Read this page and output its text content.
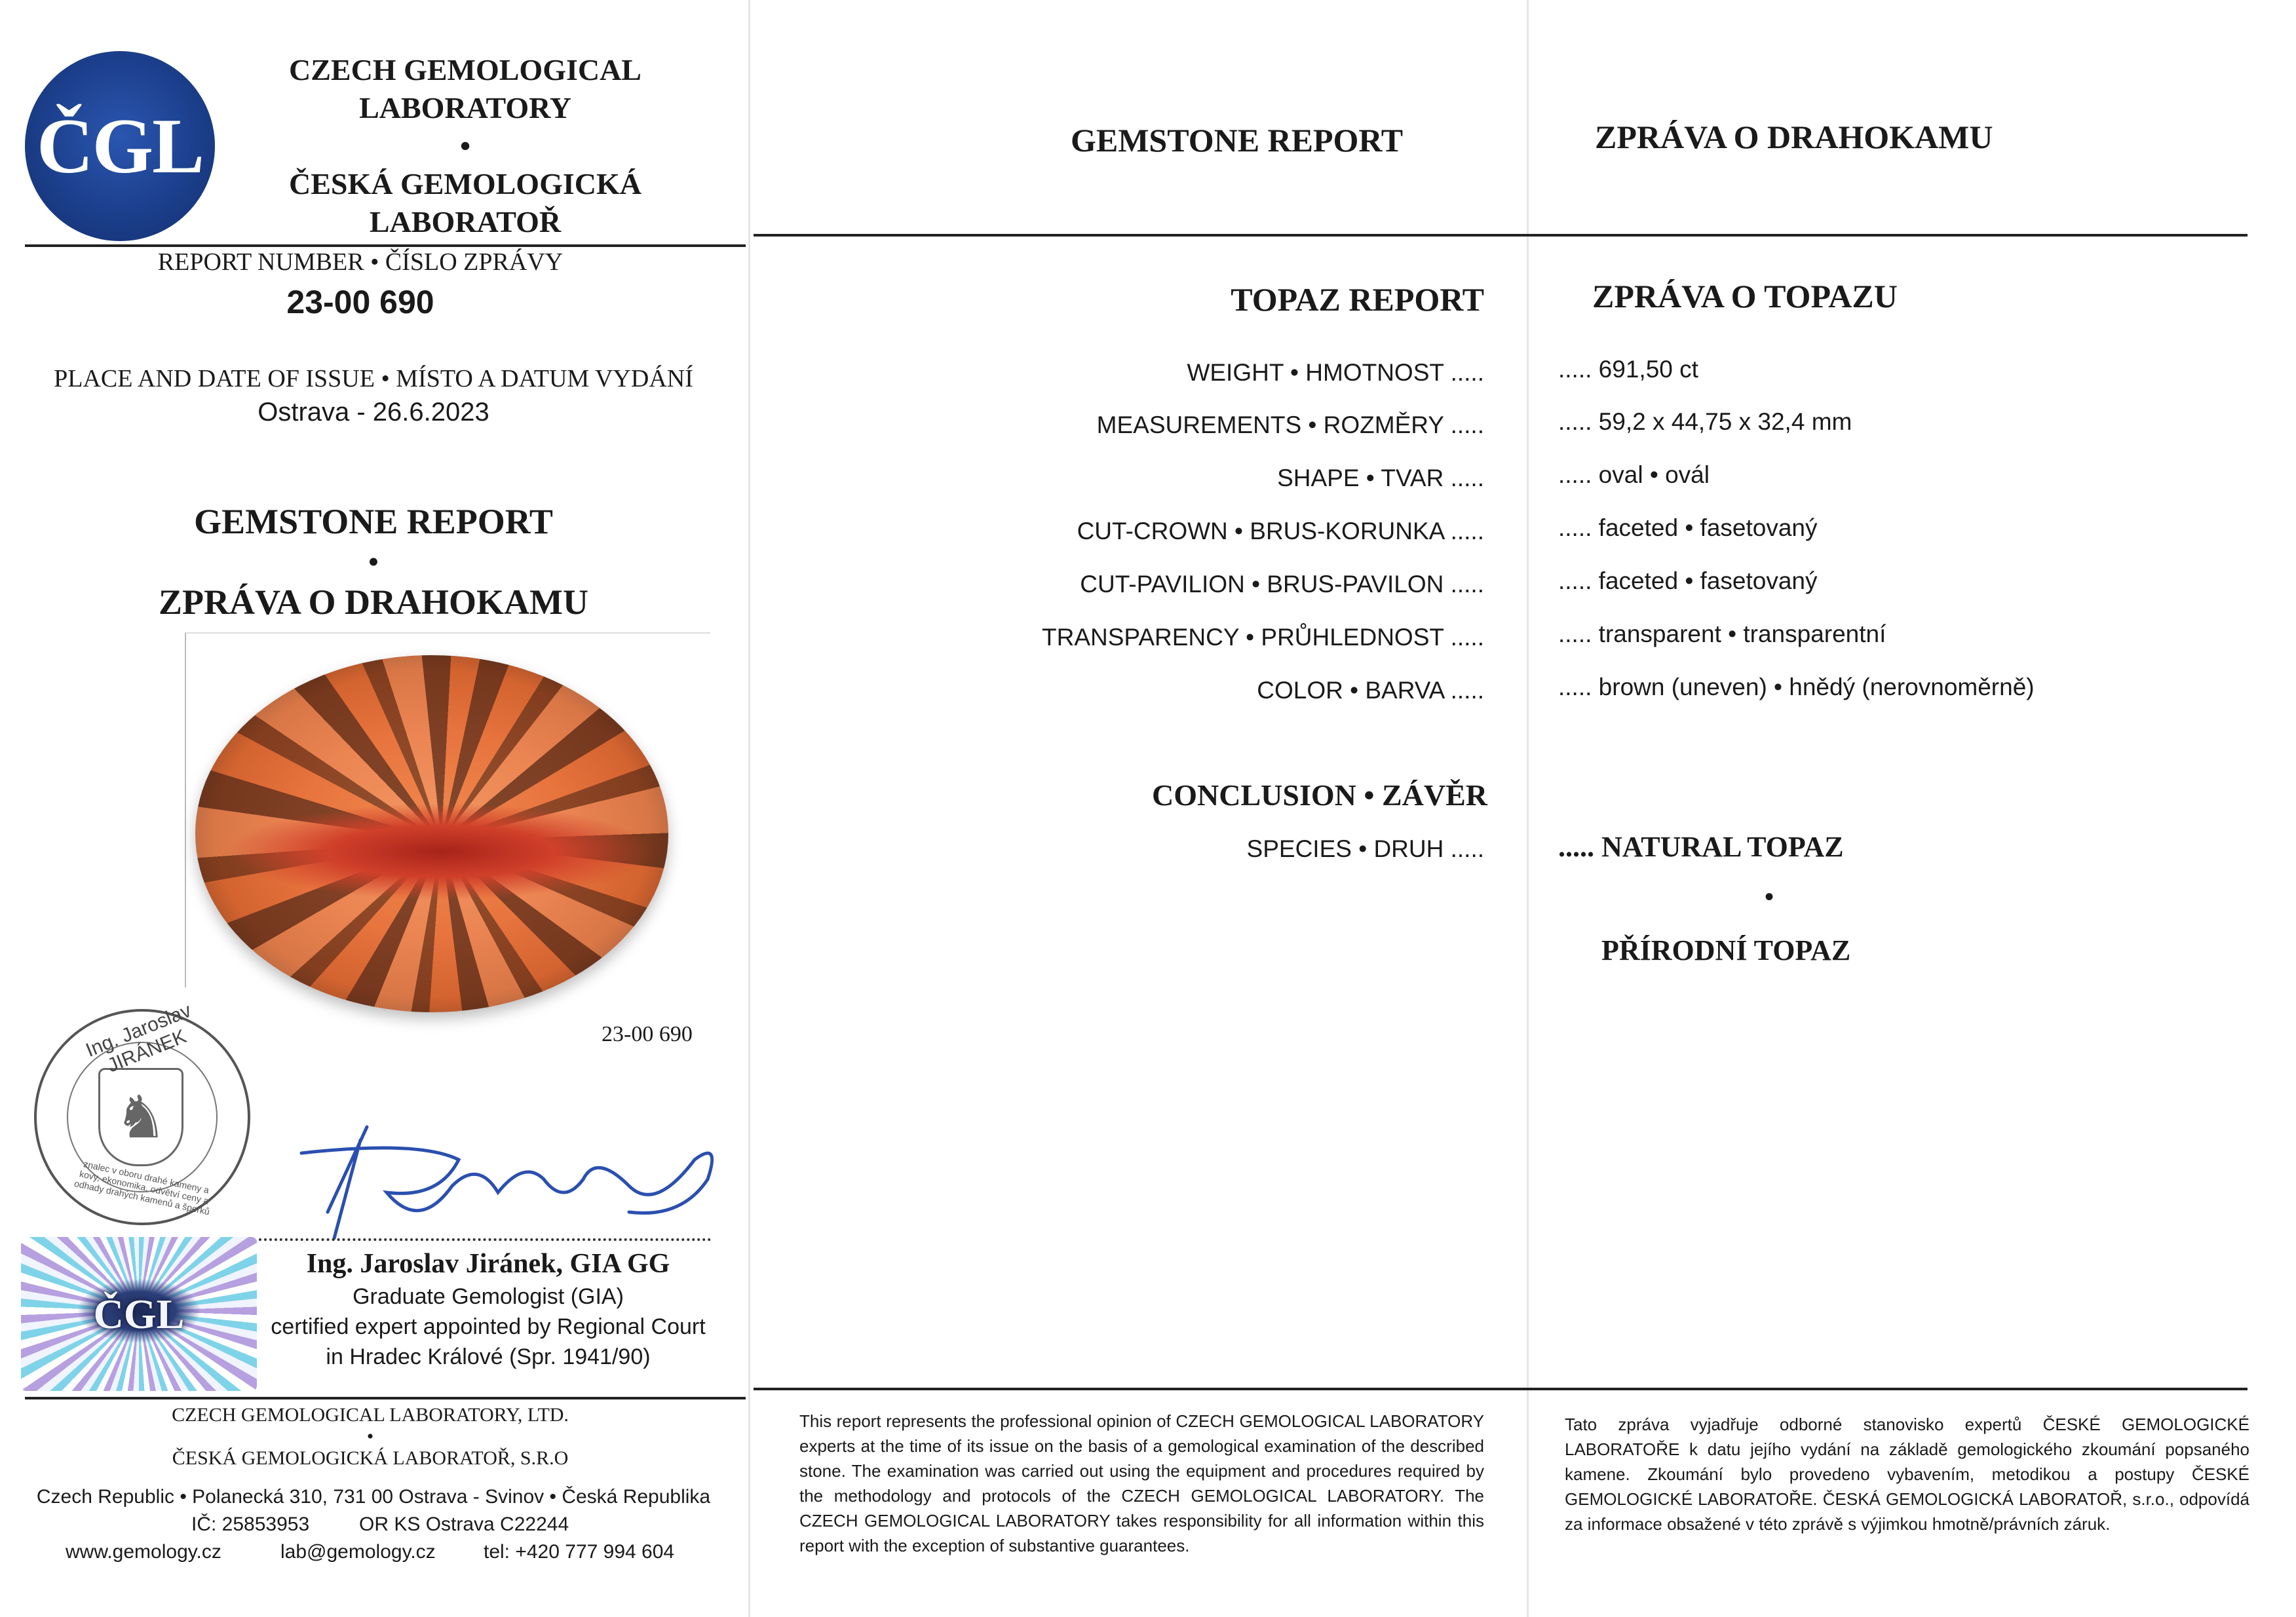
ČGL
CZECH GEMOLOGICAL
LABORATORY
•
ČESKÁ GEMOLOGICKÁ
LABORATOŘ
REPORT NUMBER • ČÍSLO ZPRÁVY
23-00 690
PLACE AND DATE OF ISSUE • MÍSTO A DATUM VYDÁNÍ
Ostrava - 26.6.2023
GEMSTONE REPORT
•
ZPRÁVA O DRAHOKAMU
23-00 690
♞
Ing. Jaroslav JIRÁNEK
znalec v oboru drahé kameny a kovy, ekonomika, odvětví ceny a odhady drahých kamenů a šperků
ČGL
Ing. Jaroslav Jiránek, GIA GG
Graduate Gemologist (GIA)
certified expert appointed by Regional Court
in Hradec Králové (Spr. 1941/90)
CZECH GEMOLOGICAL LABORATORY, LTD.
•
ČESKÁ GEMOLOGICKÁ LABORATOŘ, S.R.O
Czech Republic • Polanecká 310, 731 00 Ostrava - Svinov • Česká Republika
IČ: 25853953	OR KS Ostrava C22244
www.gemology.cz	lab@gemology.cz tel: +420 777 994 604
GEMSTONE REPORT	ZPRÁVA O DRAHOKAMU
TOPAZ REPORT	ZPRÁVA O TOPAZU
WEIGHT • HMOTNOST .....	..... 691,50 ct
MEASUREMENTS • ROZMĚRY .....	..... 59,2 x 44,75 x 32,4 mm
SHAPE • TVAR .....	..... oval • ovál
CUT-CROWN • BRUS-KORUNKA .....	..... faceted • fasetovaný
CUT-PAVILION • BRUS-PAVILON .....	..... faceted • fasetovaný
TRANSPARENCY • PRŮHLEDNOST .....	..... transparent • transparentní
COLOR • BARVA .....	..... brown (uneven) • hnědý (nerovnoměrně)
CONCLUSION • ZÁVĚR
SPECIES • DRUH .....	..... NATURAL TOPAZ
•
PŘÍRODNÍ TOPAZ
This report represents the professional opinion of CZECH GEMOLOGICAL LABORATORY experts at the time of its issue on the basis of a gemological examination of the described stone. The examination was carried out using the equipment and procedures required by the methodology and protocols of the CZECH GEMOLOGICAL LABORATORY. The CZECH GEMOLOGICAL LABORATORY takes responsibility for all information within this report with the exception of substantive guarantees.
Tato zpráva vyjadřuje odborné stanovisko expertů ČESKÉ GEMOLOGICKÉ LABORATOŘE k datu jejího vydání na základě gemologického zkoumání popsaného kamene. Zkoumání bylo provedeno vybavením, metodikou a postupy ČESKÉ GEMOLOGICKÉ LABORATOŘE. ČESKÁ GEMOLOGICKÁ LABORATOŘ, s.r.o., odpovídá za informace obsažené v této zprávě s výjimkou hmotně/právních záruk.
